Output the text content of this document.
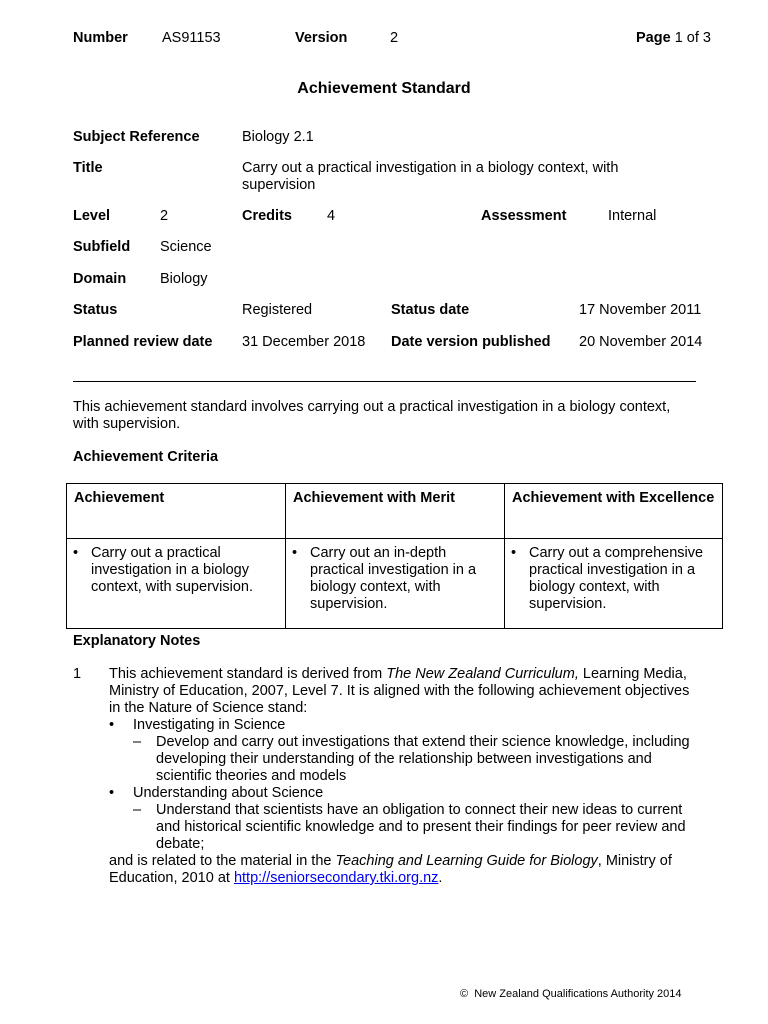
Number AS91153	Version	2	Page 1 of 3
Achievement Standard
Subject Reference	Biology 2.1
Title	Carry out a practical investigation in a biology context, with supervision
Level	2	Credits 4	Assessment	Internal
Subfield Science
Domain Biology
Status	Registered	Status date	17 November 2011
Planned review date 31 December 2018 Date version published 20 November 2014
This achievement standard involves carrying out a practical investigation in a biology context, with supervision.
Achievement Criteria
Achievement	Achievement with Merit	Achievement with Excellence

• Carry out a practical investigation in a biology context, with supervision.	• Carry out an in-depth practical investigation in a biology context, with supervision.	• Carry out a comprehensive practical investigation in a biology context, with supervision.
Explanatory Notes
1	This achievement standard is derived from The New Zealand Curriculum, Learning Media, Ministry of Education, 2007, Level 7. It is aligned with the following achievement objectives in the Nature of Science stand:
•	Investigating in Science
–	Develop and carry out investigations that extend their science knowledge, including developing their understanding of the relationship between investigations and scientific theories and models
•	Understanding about Science
–	Understand that scientists have an obligation to connect their new ideas to current and historical scientific knowledge and to present their findings for peer review and debate;
and is related to the material in the Teaching and Learning Guide for Biology, Ministry of Education, 2010 at http://seniorsecondary.tki.org.nz.
© New Zealand Qualifications Authority 2014
